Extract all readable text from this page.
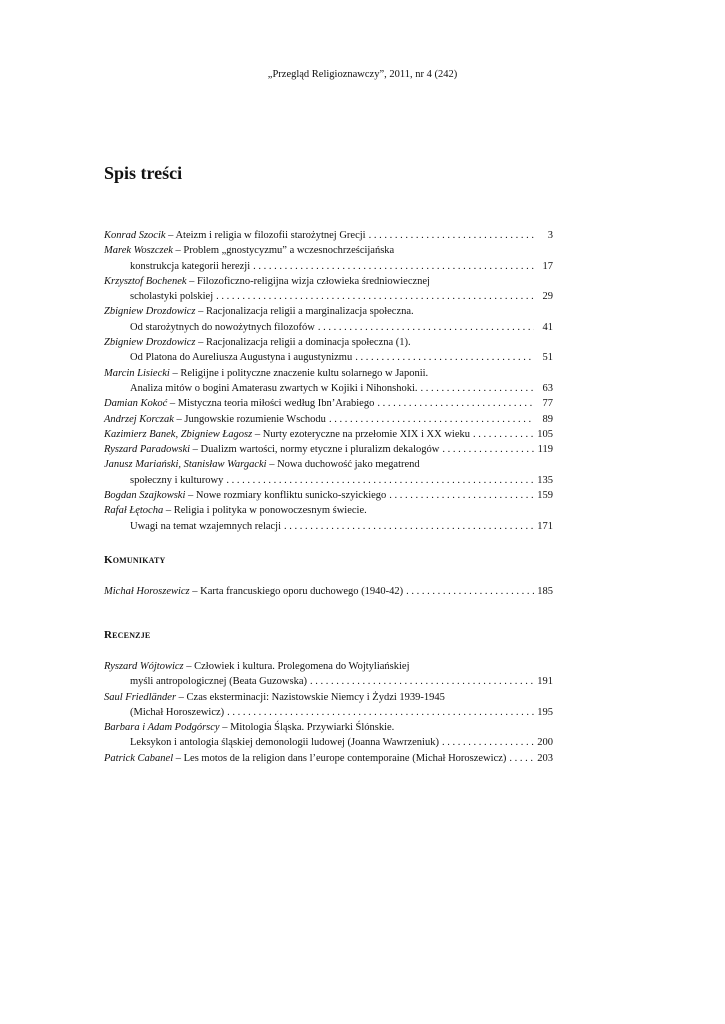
„Przegląd Religioznawczy”, 2011, nr 4 (242)
Spis treści
Konrad Szocik – Ateizm i religia w filozofii starożytnej Grecji . . .	3
Marek Woszczek – Problem „gnostycyzmu” a wczesnochrześcijańska
konstrukcja kategorii herezji . . .	17
Krzysztof Bochenek – Filozoficzno-religijna wizja człowieka średniowiecznej
scholastyki polskiej . . .	29
Zbigniew Drozdowicz – Racjonalizacja religii a marginalizacja społeczna.
Od starożytnych do nowożytnych filozofów . . .	41
Zbigniew Drozdowicz – Racjonalizacja religii a dominacja społeczna (1).
Od Platona do Aureliusza Augustyna i augustynizmu . . .	51
Marcin Lisiecki – Religijne i polityczne znaczenie kultu solarnego w Japonii.
Analiza mitów o bogini Amaterasu zwartych w Kojiki i Nihonshoki. . . .	63
Damian Kokoć – Mistyczna teoria miłości według Ibn’Arabiego . . .	77
Andrzej Korczak – Jungowskie rozumienie Wschodu . . .	89
Kazimierz Banek, Zbigniew Łagosz – Nurty ezoteryczne na przełomie XIX i XX wieku . . .	105
Ryszard Paradowski – Dualizm wartości, normy etyczne i pluralizm dekalogów . . .	119
Janusz Mariański, Stanisław Wargacki – Nowa duchowość jako megatrend
społeczny i kulturowy . . .	135
Bogdan Szajkowski – Nowe rozmiary konfliktu sunicko-szyickiego . . .	159
Rafał Łętocha – Religia i polityka w ponowoczesnym świecie.
Uwagi na temat wzajemnych relacji . . .	171
Komunikaty
Michał Horoszewicz – Karta francuskiego oporu duchowego (1940-42) . . .	185
Recenzje
Ryszard Wójtowicz – Człowiek i kultura. Prolegomena do Wojtyliańskiej
myśli antropologicznej (Beata Guzowska) . . .	191
Saul Friedländer – Czas eksterminacji: Nazistowskie Niemcy i Żydzi 1939-1945
(Michał Horoszewicz) . . .	195
Barbara i Adam Podgórscy – Mitologia Śląska. Przywiarki Ślónskie.
Leksykon i antologia śląskiej demonologii ludowej (Joanna Wawrzeniuk) . . .	200
Patrick Cabanel – Les motos de la religion dans l’europe contemporaine (Michał Horoszewicz) . . .	203
